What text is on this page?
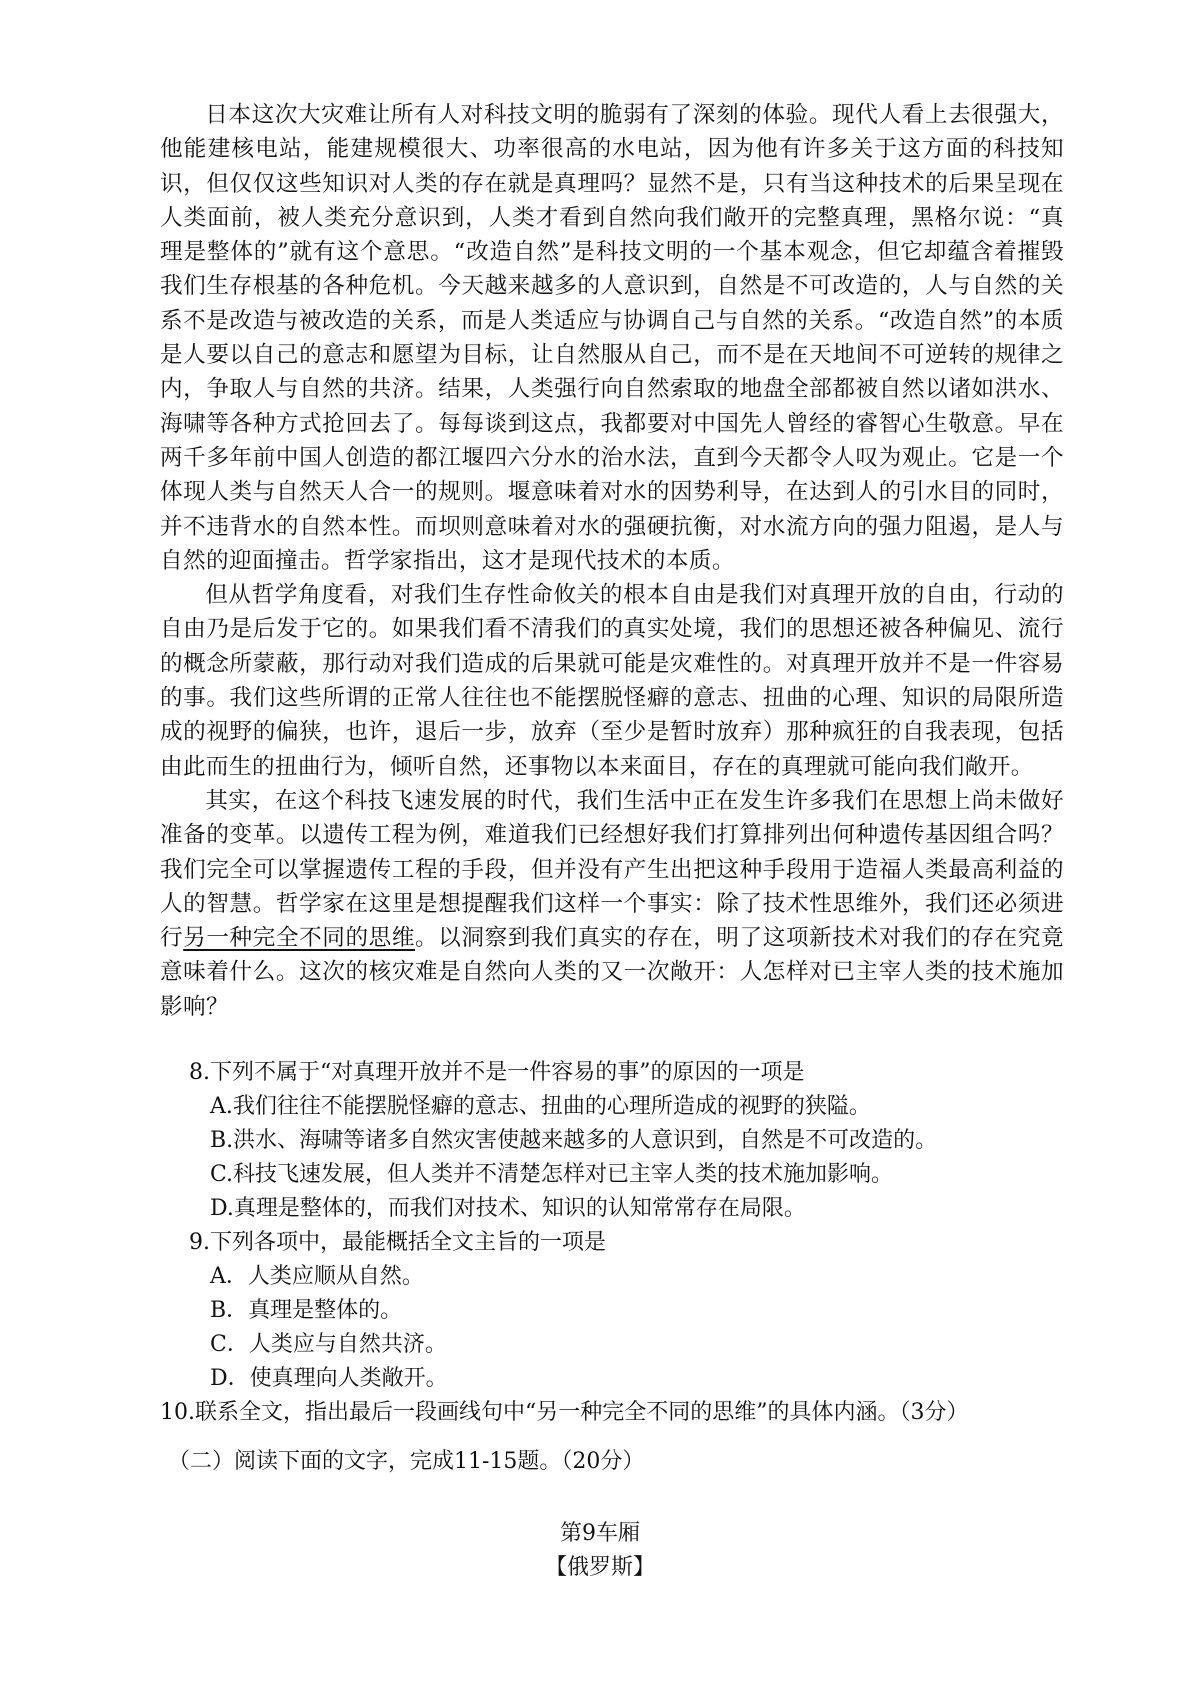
日本这次大灾难让所有人对科技文明的脆弱有了深刻的体验。现代人看上去很强大，他能建核电站，能建规模很大、功率很高的水电站，因为他有许多关于这方面的科技知识，但仅仅这些知识对人类的存在就是真理吗？显然不是，只有当这种技术的后果呈现在人类面前，被人类充分意识到，人类才看到自然向我们敞开的完整真理，黑格尔说：“真理是整体的”就有这个意思。“改造自然”是科技文明的一个基本观念，但它却蕴含着摧毁我们生存根基的各种危机。今天越来越多的人意识到，自然是不可改造的，人与自然的关系不是改造与被改造的关系，而是人类适应与协调自己与自然的关系。“改造自然”的本质是人要以自己的意志和愿望为目标，让自然服从自己，而不是在天地间不可逆转的规律之内，争取人与自然的共济。结果，人类强行向自然索取的地盘全部都被自然以诸如洪水、海啸等各种方式抢回去了。每每谈到这点，我都要对中国先人曾经的睿智心生敬意。早在两千多年前中国人创造的都江堰四六分水的治水法，直到今天都令人叹为观止。它是一个体现人类与自然天人合一的规则。堰意味着对水的因势利导，在达到人的引水目的同时，并不违背水的自然本性。而坝则意味着对水的强硬抗衡，对水流方向的强力阻遏，是人与自然的迎面撞击。哲学家指出，这才是现代技术的本质。

但从哲学角度看，对我们生存性命攸关的根本自由是我们对真理开放的自由，行动的自由乃是后发于它的。如果我们看不清我们的真实处境，我们的思想还被各种偏见、流行的概念所蒙蔽，那行动对我们造成的后果就可能是灾难性的。对真理开放并不是一件容易的事。我们这些所谓的正常人往往也不能摆脱怪癖的意志、扭曲的心理、知识的局限所造成的视野的偏狭，也许，退后一步，放弃（至少是暂时放弃）那种疯狂的自我表现，包括由此而生的扭曲行为，倾听自然，还事物以本来面目，存在的真理就可能向我们敞开。

其实，在这个科技飞速发展的时代，我们生活中正在发生许多我们在思想上尚未做好准备的变革。以遗传工程为例，难道我们已经想好我们打算排列出何种遗传基因组合吗？我们完全可以掌握遗传工程的手段，但并没有产生出把这种手段用于造福人类最高利益的人的智慧。哲学家在这里是想提醒我们这样一个事实：除了技术性思维外，我们还必须进行另一种完全不同的思维。以洞察到我们真实的存在，明了这项新技术对我们的存在究竟意味着什么。这次的核灾难是自然向人类的又一次敞开：人怎样对已主宰人类的技术施加影响？

8.下列不属于“对真理开放并不是一件容易的事”的原因的一项是

A.我们往往不能摆脱怪癖的意志、扭曲的心理所造成的视野的狭隘。

B.洪水、海啸等诸多自然灾害使越来越多的人意识到，自然是不可改造的。

C.科技飞速发展，但人类并不清楚怎样对已主宰人类的技术施加影响。

D.真理是整体的，而我们对技术、知识的认知常常存在局限。

9.下列各项中，最能概括全文主旨的一项是

A．人类应顺从自然。

B．真理是整体的。

C．人类应与自然共济。

D．使真理向人类敞开。

10.联系全文，指出最后一段画线句中“另一种完全不同的思维”的具体内涵。（3分）

（二）阅读下面的文字，完成11-15题。（20分）

第9车厢

【俄罗斯】
